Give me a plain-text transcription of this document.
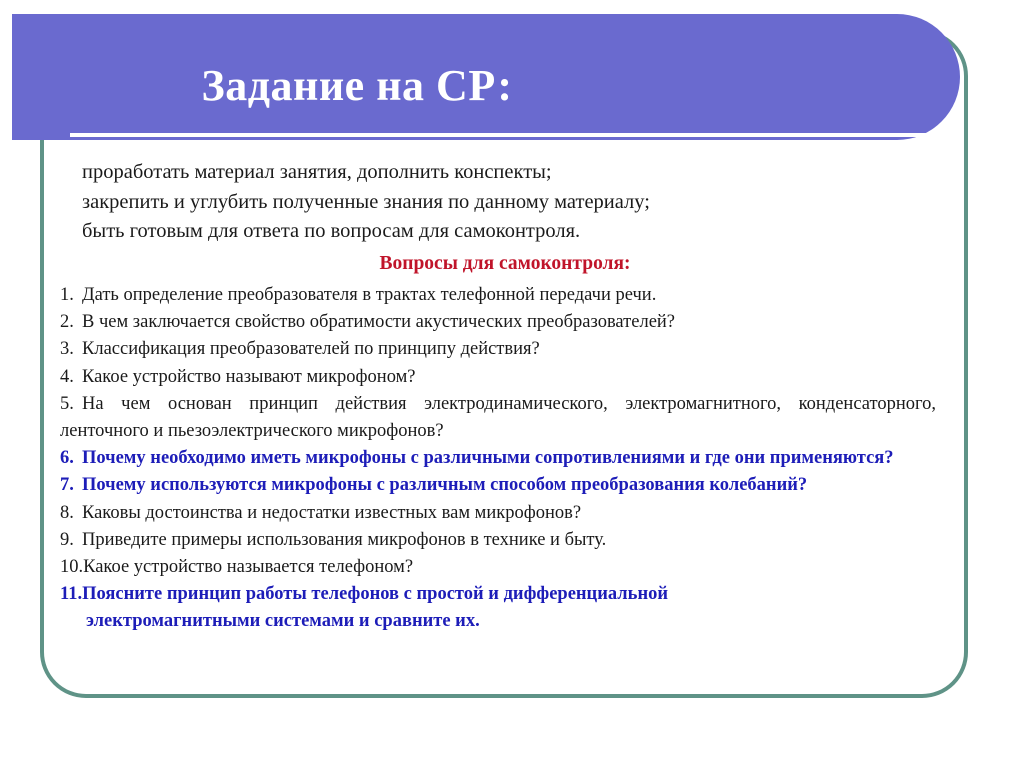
Задание на СР:
проработать материал занятия, дополнить конспекты;
закрепить и углубить полученные знания по данному материалу;
быть готовым для ответа по вопросам для самоконтроля.
Вопросы для самоконтроля:
1. Дать определение преобразователя в трактах телефонной передачи речи.
2. В чем заключается свойство обратимости акустических преобразователей?
3. Классификация преобразователей по принципу действия?
4. Какое устройство называют микрофоном?
5. На чем основан принцип действия электродинамического, электромагнитного, конденсаторного, ленточного и пьезоэлектрического микрофонов?
6. Почему необходимо иметь микрофоны с различными сопротивлениями и где они применяются?
7. Почему используются микрофоны с различным способом преобразования колебаний?
8. Каковы достоинства и недостатки известных вам микрофонов?
9. Приведите примеры использования микрофонов в технике и быту.
10.Какое устройство называется телефоном?
11.Поясните принцип работы телефонов с простой и дифференциальной
электромагнитными системами и сравните их.
